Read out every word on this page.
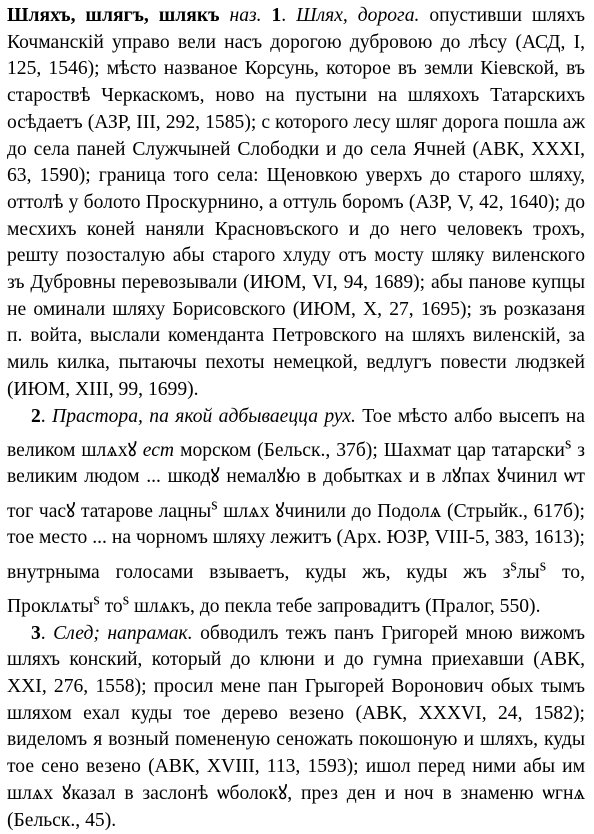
Шляхъ, шлягъ, шлякъ наз. 1. Шлях, дорога. опустивши шляхъ Кочманскій управо вели насъ дорогою дубровою до лѣсу (АСД, I, 125, 1546); мѣсто названое Корсунь, которое въ земли Кіевской, въ староствѣ Черкаскомъ, ново на пустыни на шляхохъ Татарскихъ осѣдаетъ (АЗР, III, 292, 1585); с которого лесу шляг дорога пошла аж до села паней Служчыней Слободки и до села Ячней (АВК, XXXI, 63, 1590); граница того села: Щеновкою уверхъ до старого шляху, оттолѣ у болото Проскурнино, а оттуль боромъ (АЗР, V, 42, 1640); до месхихъ коней наняли Красновъского и до него человекъ трохъ, решту позосталую абы старого хлуду отъ мосту шляку виленского зъ Дубровны перевозывали (ИЮМ, VI, 94, 1689); абы панове купцы не оминали шляху Борисовского (ИЮМ, X, 27, 1695); зъ розказаня п. войта, выслали коменданта Петровского на шляхъ виленскій, за миль килка, пытаючы пехоты немецкой, ведлугъ повести людзкей (ИЮМ, XIII, 99, 1699).

2. Прастора, па якой адбываецца рух. Тое мѣсто албо высепъ на великом шлѧхꙋ ест морском (Бельск., 37б); Шахмат цар татарски$^s$ з великим людом ... шкодꙋ немалꙋю в добытках и в лꙋпах ꙋчинил ѡт тог часꙋ татарове лацны$^s$ шлѧх ꙋчинили до Подолѧ (Стрыйк., 617б); тое место ... на чорномъ шляху лежитъ (Арх. ЮЗР, VIII-5, 383, 1613); внутрныма голосами взываетъ, куды жъ, куды жъ $з^sлы^s$ то, Проклѧты$^s$ $то^s$ шлѧкъ, до пекла тебе запровадитъ (Пралог, 550).

3. След; напрамак. обводилъ тежъ панъ Григорей мною вижомъ шляхъ конский, который до клюни и до гумна приехавши (АВК, XXI, 276, 1558); просил мене пан Грыгорей Воронович обых тымъ шляхом ехал куды тое дерево везено (АВК, XXXVI, 24, 1582); виделомъ я возный помененую сеножать покошоную и шляхъ, куды тое сено везено (АВК, XVIII, 113, 1593); ишол перед ними абы им шлѧх ꙋказал в заслонѣ ѡболокꙋ, през ден и ноч в знаменю ѡгнѧ (Бельск., 45).
